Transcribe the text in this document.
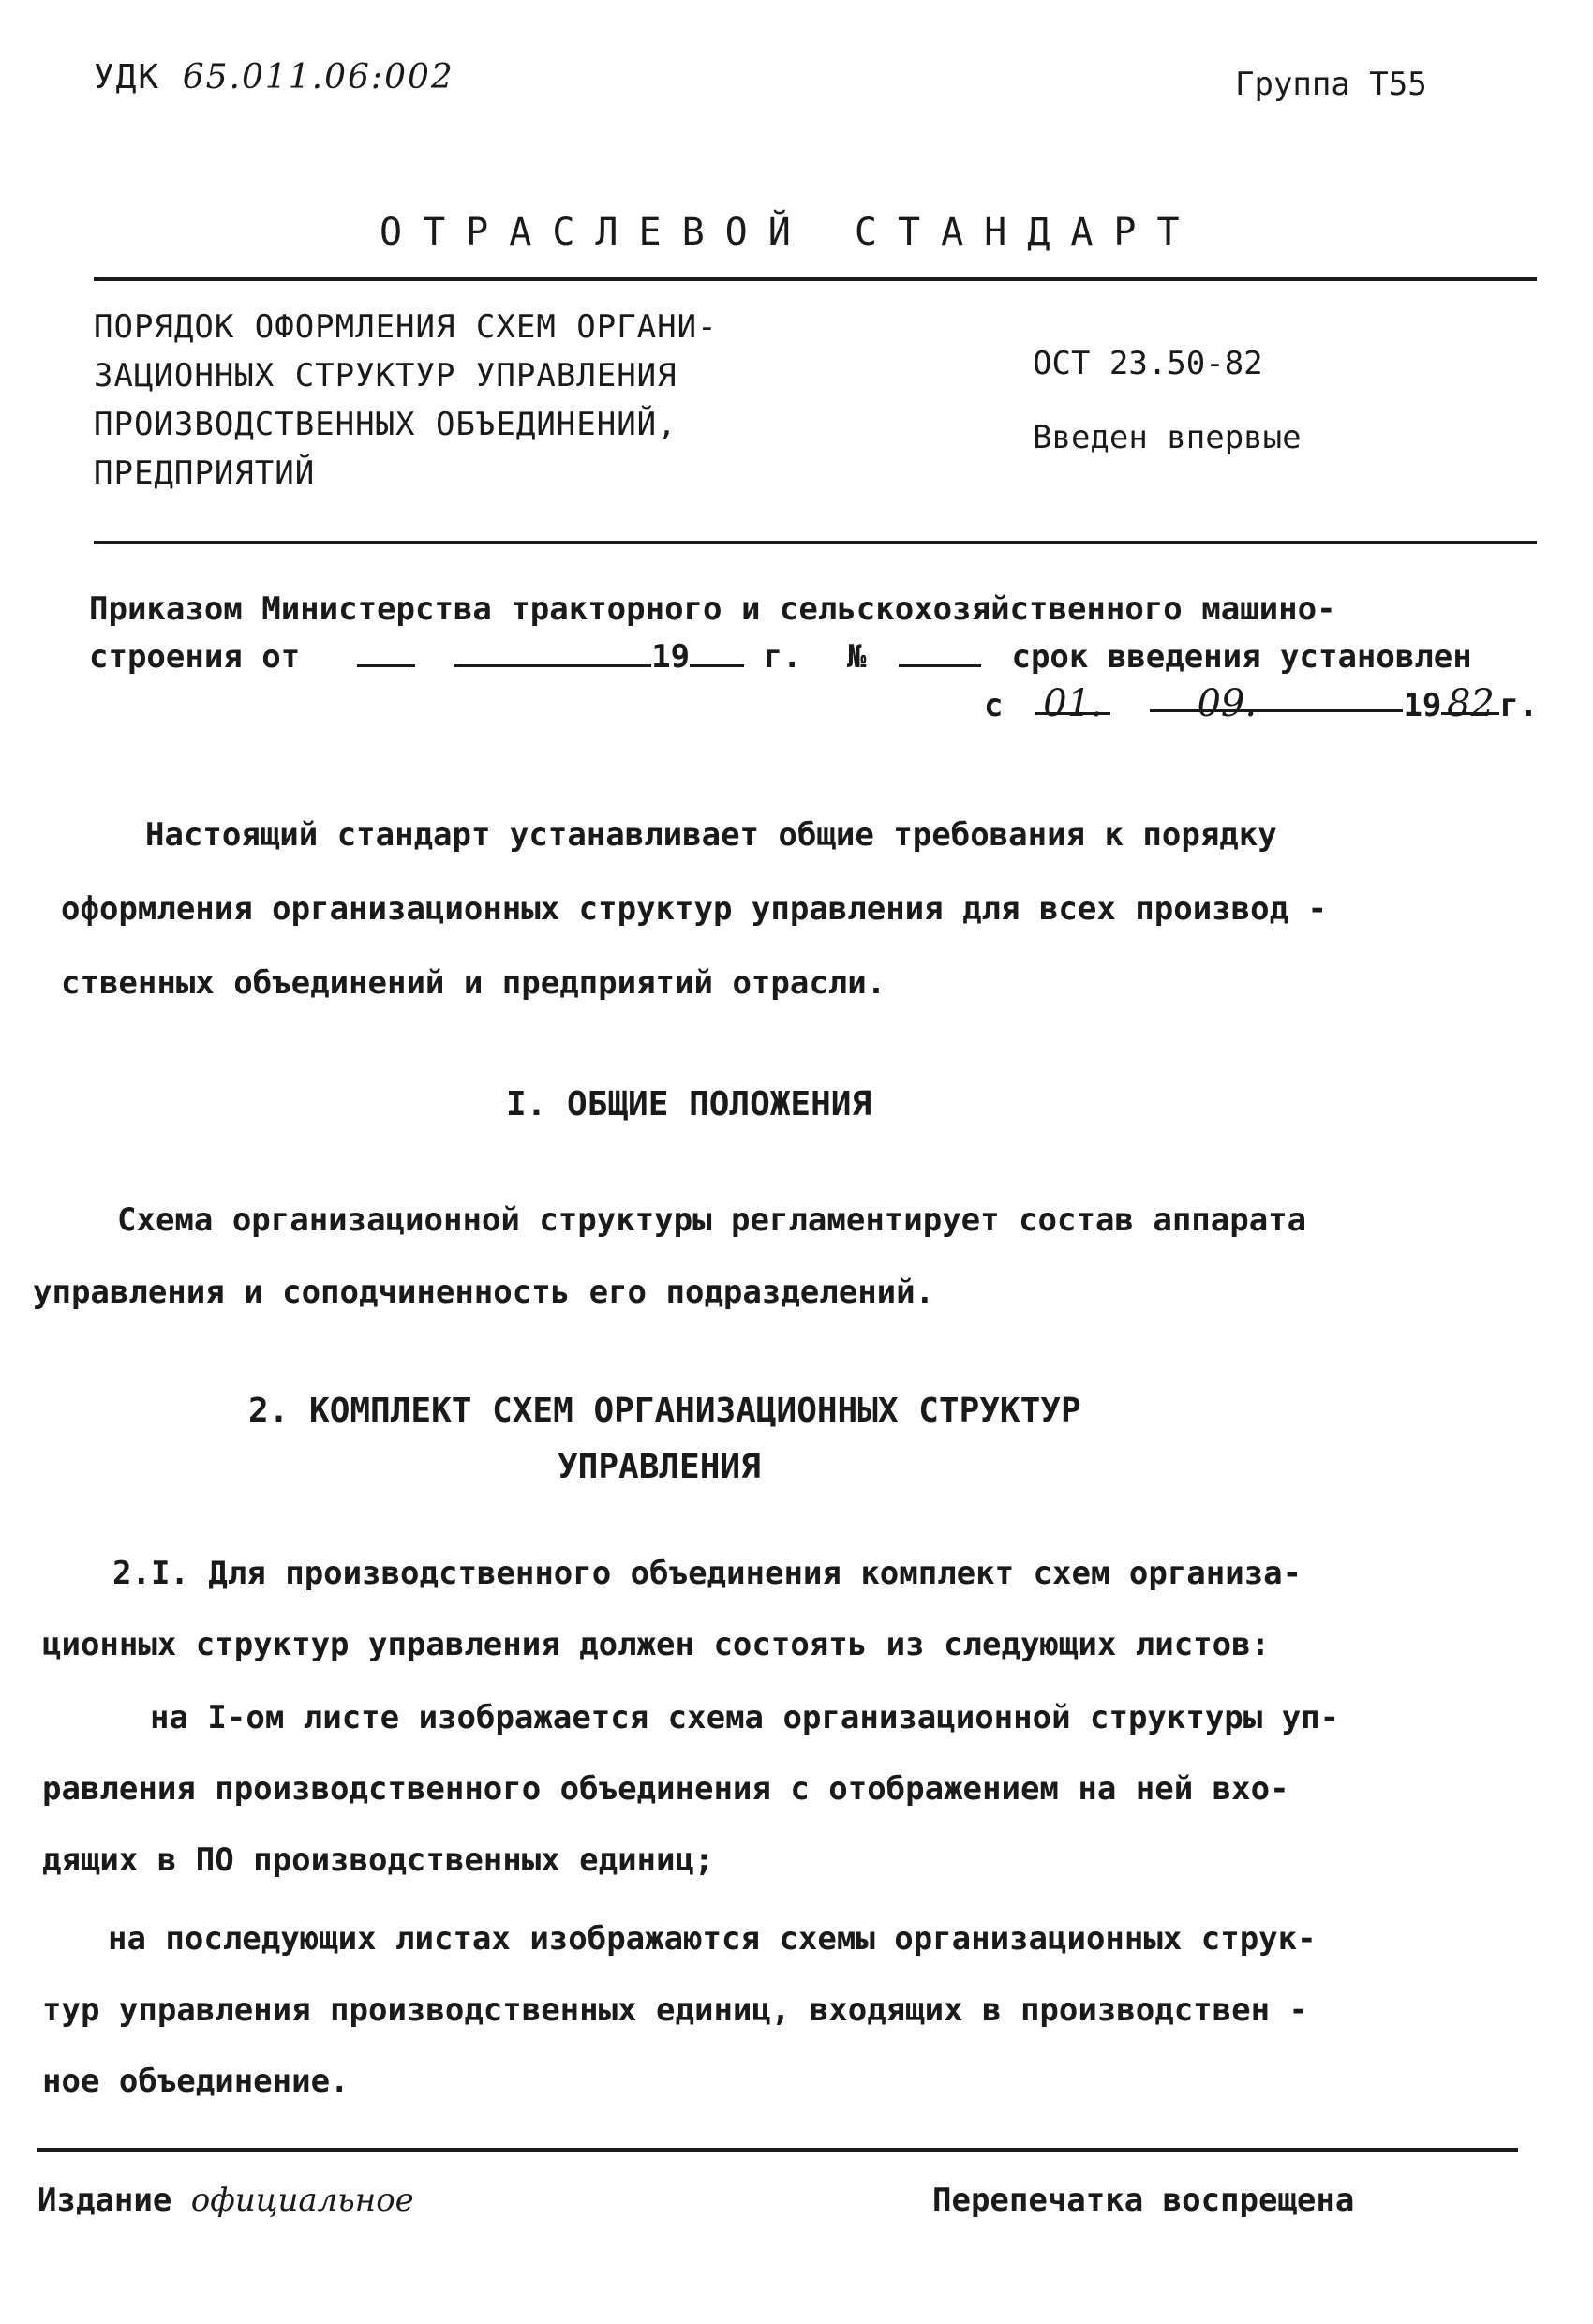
УДК 65.011.06:002	Группа Т55
ОТРАСЛЕВОЙ СТАНДАРТ
ПОРЯДОК ОФОРМЛЕНИЯ СХЕМ ОРГАНИ-
ЗАЦИОННЫХ СТРУКТУР УПРАВЛЕНИЯ
ПРОИЗВОДСТВЕННЫХ ОБЪЕДИНЕНИЙ,
ПРЕДПРИЯТИЙ
ОСТ 23.50-82
Введен впервые
Приказом Министерства тракторного и сельскохозяйственного машино-
строения от	19 г. №	срок введения установлен
с 01.	09.	19 82 г.
Настоящий стандарт устанавливает общие требования к порядку
оформления организационных структур управления для всех производ -
ственных объединений и предприятий отрасли.
I. ОБЩИЕ ПОЛОЖЕНИЯ
Схема организационной структуры регламентирует состав аппарата
управления и соподчиненность его подразделений.
2. КОМПЛЕКТ СХЕМ ОРГАНИЗАЦИОННЫХ СТРУКТУР
УПРАВЛЕНИЯ
2.I. Для производственного объединения комплект схем организа-
ционных структур управления должен состоять из следующих листов:
на I-ом листе изображается схема организационной структуры уп-
равления производственного объединения с отображением на ней вхо-
дящих в ПО производственных единиц;
на последующих листах изображаются схемы организационных струк-
тур управления производственных единиц, входящих в производствен -
ное объединение.
Издание официальное	Перепечатка воспрещена
